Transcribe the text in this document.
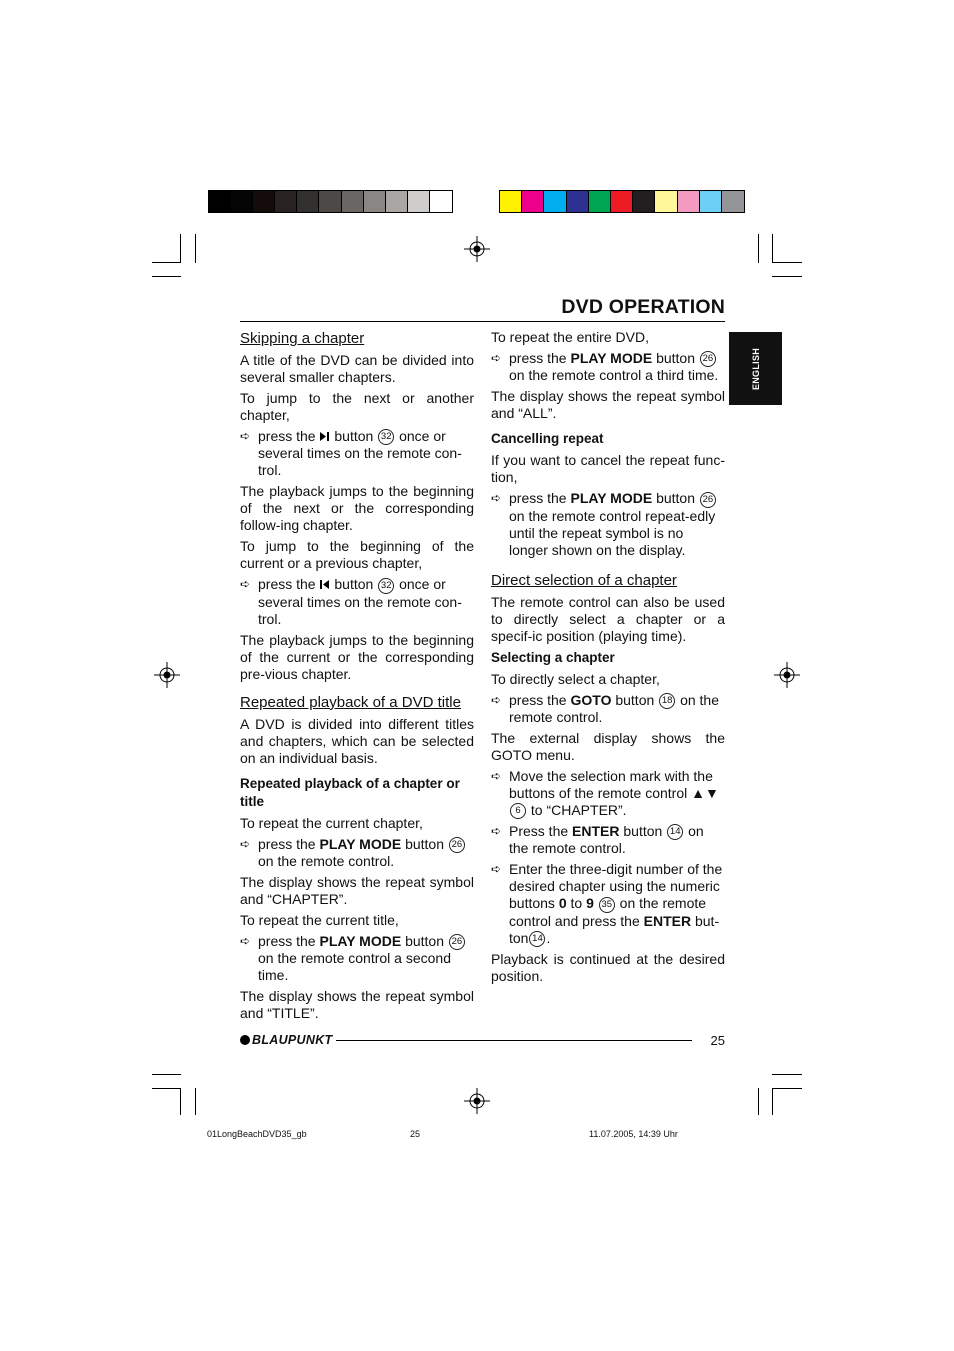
DVD OPERATION
ENGLISH
Skipping a chapter

A title of the DVD can be divided into several smaller chapters.

To jump to the next or another chapter,

➪ press the button 32 once or several times on the remote con-trol.

The playback jumps to the beginning of the next or the corresponding follow-ing chapter.

To jump to the beginning of the current or a previous chapter,

➪ press the button 32 once or several times on the remote con-trol.

The playback jumps to the beginning of the current or the corresponding pre-vious chapter.

Repeated playback of a DVD title

A DVD is divided into different titles and chapters, which can be selected on an individual basis.

Repeated playback of a chapter or title

To repeat the current chapter,

➪ press the PLAY MODE button 26 on the remote control.

The display shows the repeat symbol and “CHAPTER”.

To repeat the current title,

➪ press the PLAY MODE button 26 on the remote control a second time.

The display shows the repeat symbol and “TITLE”.

To repeat the entire DVD,

➪ press the PLAY MODE button 26 on the remote control a third time.

The display shows the repeat symbol and “ALL”.

Cancelling repeat

If you want to cancel the repeat func-tion,

➪ press the PLAY MODE button 26 on the remote control repeat-edly until the repeat symbol is no longer shown on the display.
Direct selection of a chapter

The remote control can also be used to directly select a chapter or a specif-ic position (playing time).

Selecting a chapter

To directly select a chapter,

➪ press the GOTO button 18 on the remote control.

The external display shows the GOTO menu.

➪ Move the selection mark with the buttons of the remote control ▲▼ 6 to “CHAPTER”.
➪ Press the ENTER button 14 on the remote control.
➪ Enter the three-digit number of the desired chapter using the numeric buttons 0 to 9 35 on the remote control and press the ENTER but-ton 14 .

Playback is continued at the desired position.

BLAUPUNKT	25
01LongBeachDVD35_gb	25	11.07.2005, 14:39 Uhr
